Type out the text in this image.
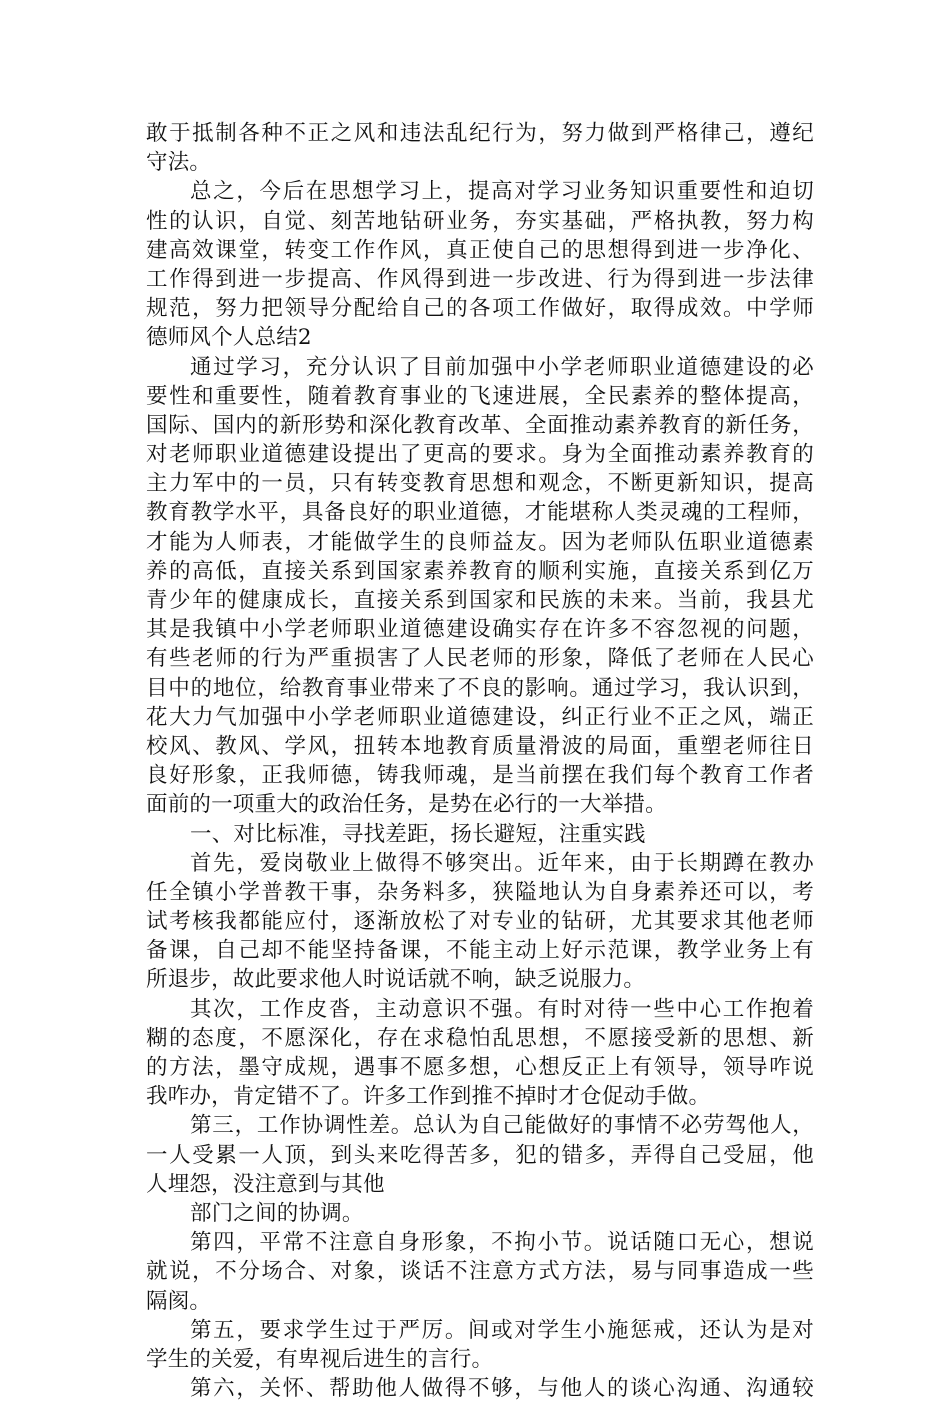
敢于抵制各种不正之风和违法乱纪行为，努力做到严格律己，遵纪
守法。
总之，今后在思想学习上，提高对学习业务知识重要性和迫切
性的认识，自觉、刻苦地钻研业务，夯实基础，严格执教，努力构
建高效课堂，转变工作作风，真正使自己的思想得到进一步净化、
工作得到进一步提高、作风得到进一步改进、行为得到进一步法律
规范，努力把领导分配给自己的各项工作做好，取得成效。中学师
德师风个人总结2
通过学习，充分认识了目前加强中小学老师职业道德建设的必
要性和重要性，随着教育事业的飞速进展，全民素养的整体提高，
国际、国内的新形势和深化教育改革、全面推动素养教育的新任务，
对老师职业道德建设提出了更高的要求。身为全面推动素养教育的
主力军中的一员，只有转变教育思想和观念，不断更新知识，提高
教育教学水平，具备良好的职业道德，才能堪称人类灵魂的工程师，
才能为人师表，才能做学生的良师益友。因为老师队伍职业道德素
养的高低，直接关系到国家素养教育的顺利实施，直接关系到亿万
青少年的健康成长，直接关系到国家和民族的未来。当前，我县尤
其是我镇中小学老师职业道德建设确实存在许多不容忽视的问题，
有些老师的行为严重损害了人民老师的形象，降低了老师在人民心
目中的地位，给教育事业带来了不良的影响。通过学习，我认识到，
花大力气加强中小学老师职业道德建设，纠正行业不正之风，端正
校风、教风、学风，扭转本地教育质量滑波的局面，重塑老师往日
良好形象，正我师德，铸我师魂，是当前摆在我们每个教育工作者
面前的一项重大的政治任务，是势在必行的一大举措。
一、对比标准，寻找差距，扬长避短，注重实践
首先，爱岗敬业上做得不够突出。近年来，由于长期蹲在教办
任全镇小学普教干事，杂务料多，狭隘地认为自身素养还可以，考
试考核我都能应付，逐渐放松了对专业的钻研，尤其要求其他老师
备课，自己却不能坚持备课，不能主动上好示范课，教学业务上有
所退步，故此要求他人时说话就不响，缺乏说服力。
其次，工作皮沓，主动意识不强。有时对待一些中心工作抱着
糊的态度，不愿深化，存在求稳怕乱思想，不愿接受新的思想、新
的方法，墨守成规，遇事不愿多想，心想反正上有领导，领导咋说
我咋办，肯定错不了。许多工作到推不掉时才仓促动手做。
第三，工作协调性差。总认为自己能做好的事情不必劳驾他人，
一人受累一人顶，到头来吃得苦多，犯的错多，弄得自己受屈，他
人埋怨，没注意到与其他
部门之间的协调。
第四，平常不注意自身形象，不拘小节。说话随口无心，想说
就说，不分场合、对象，谈话不注意方式方法，易与同事造成一些
隔阂。
第五，要求学生过于严厉。间或对学生小施惩戒，还认为是对
学生的关爱，有卑视后进生的言行。
第六，关怀、帮助他人做得不够，与他人的谈心沟通、沟通较
